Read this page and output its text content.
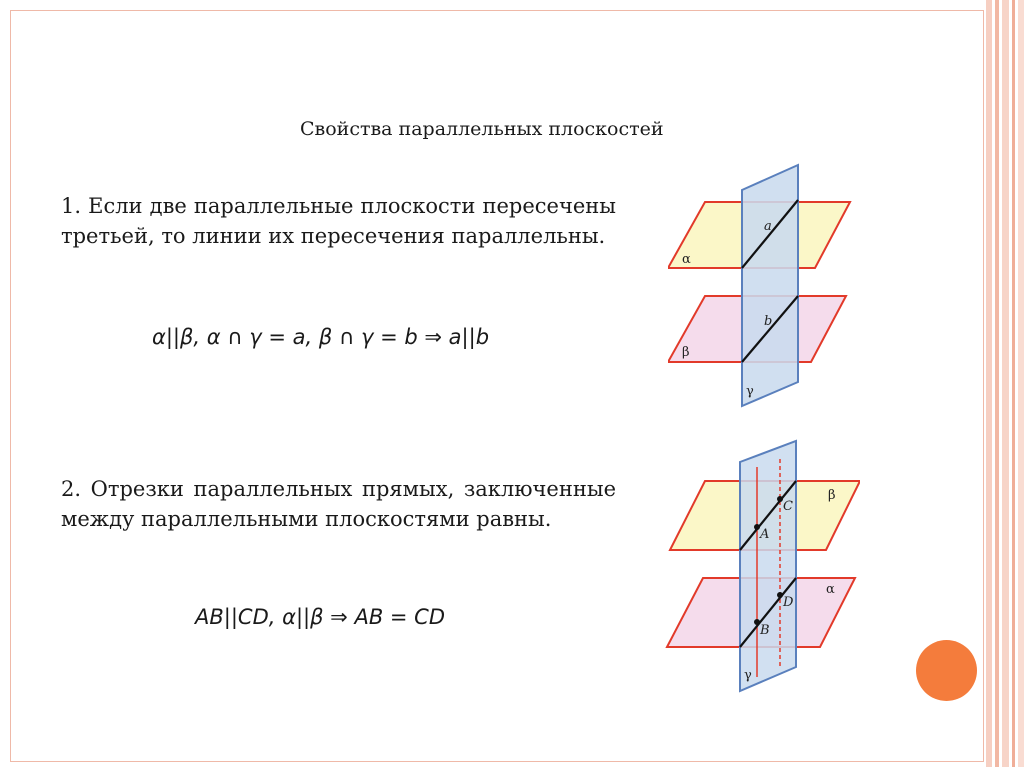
Свойства параллельных плоскостей
1. Если две параллельные плоскости пересечены третьей, то линии их пересечения параллельны.
α||β, α ∩ γ = a, β ∩ γ = b ⇒ a||b
2. Отрезки параллельных прямых, заключенные между параллельными плоскостями равны.
AB||CD, α||β ⇒ AB = CD
α
a
b
β
γ
β
C
A
α
D
B
γ
